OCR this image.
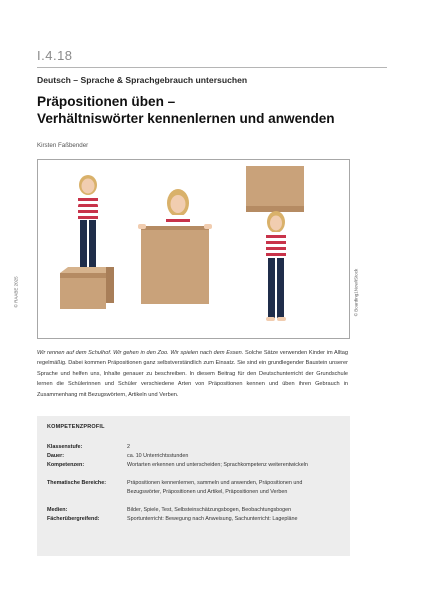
I.4.18
Deutsch – Sprache & Sprachgebrauch untersuchen
Präpositionen üben –
Verhältniswörter kennenlernen und anwenden
Kirsten Faßbender
© RAABE 2025	© Boarding1Now/iStock

Wir rennen auf dem Schulhof. Wir gehen in den Zoo. Wir spielen nach dem Essen. Solche Sätze verwenden Kinder im Alltag regelmäßig. Dabei kommen Präpositionen ganz selbstverständlich zum Einsatz. Sie sind ein grundlegender Baustein unserer Sprache und helfen uns, Inhalte genauer zu beschreiben. In diesem Beitrag für den Deutschunterricht der Grundschule lernen die Schülerinnen und Schüler verschiedene Arten von Präpositionen kennen und üben ihren Gebrauch in Zusammenhang mit Bezugswörtern, Artikeln und Verben.

KOMPETENZPROFIL
Klassenstufe:	2
Dauer:	ca. 10 Unterrichtsstunden
Kompetenzen:	Wortarten erkennen und unterscheiden; Sprachkompetenz weiterentwickeln
Thematische Bereiche:	Präpositionen kennenlernen, sammeln und anwenden, Präpositionen und Bezugswörter, Präpositionen und Artikel, Präpositionen und Verben
Medien:	Bilder, Spiele, Test, Selbsteinschätzungsbogen, Beobachtungsbogen
Fächerübergreifend:	Sportunterricht: Bewegung nach Anweisung, Sachunterricht: Lagepläne
